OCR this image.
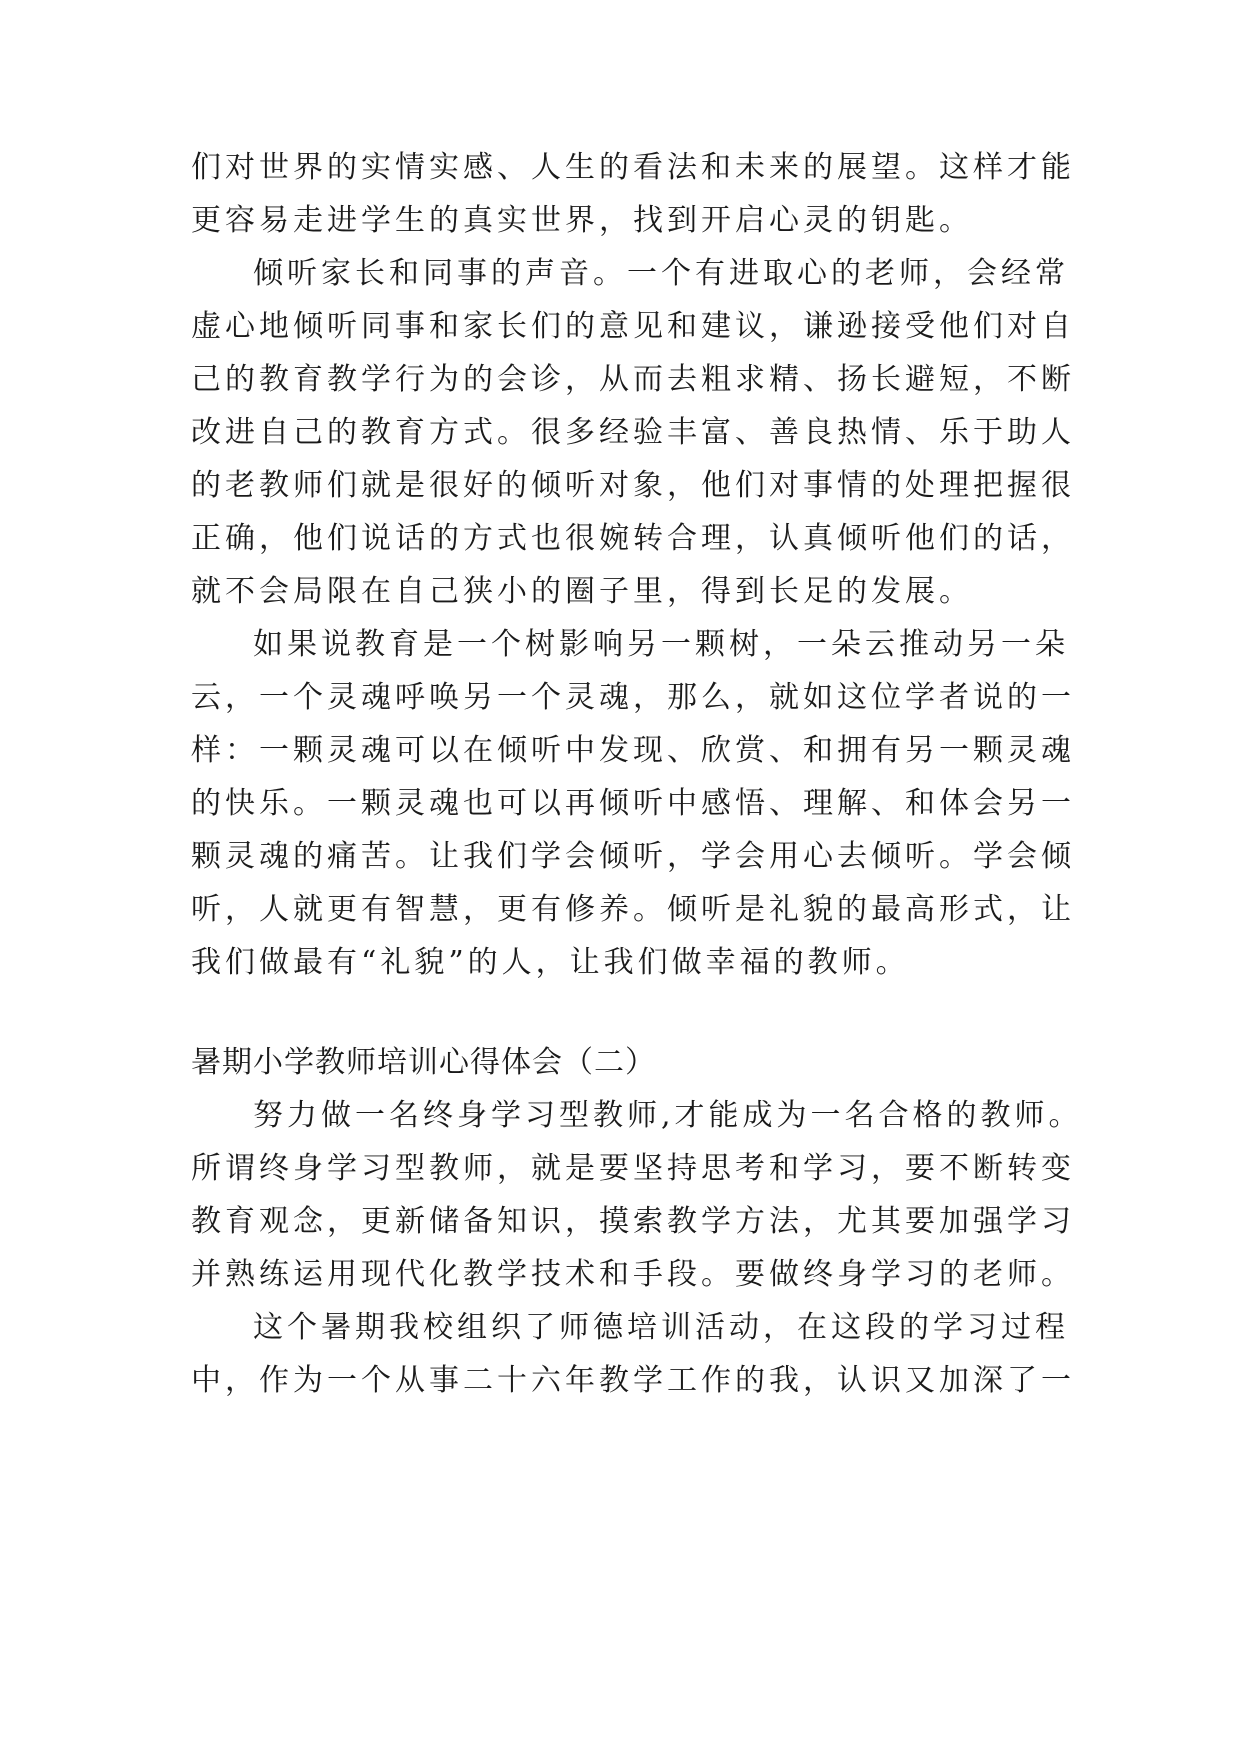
们对世界的实情实感、人生的看法和未来的展望。这样才能
更容易走进学生的真实世界，找到开启心灵的钥匙。
倾听家长和同事的声音。一个有进取心的老师，会经常
虚心地倾听同事和家长们的意见和建议，谦逊接受他们对自
己的教育教学行为的会诊，从而去粗求精、扬长避短，不断
改进自己的教育方式。很多经验丰富、善良热情、乐于助人
的老教师们就是很好的倾听对象，他们对事情的处理把握很
正确，他们说话的方式也很婉转合理，认真倾听他们的话，
就不会局限在自己狭小的圈子里，得到长足的发展。
如果说教育是一个树影响另一颗树，一朵云推动另一朵
云，一个灵魂呼唤另一个灵魂，那么，就如这位学者说的一
样：一颗灵魂可以在倾听中发现、欣赏、和拥有另一颗灵魂
的快乐。一颗灵魂也可以再倾听中感悟、理解、和体会另一
颗灵魂的痛苦。让我们学会倾听，学会用心去倾听。学会倾
听，人就更有智慧，更有修养。倾听是礼貌的最高形式，让
我们做最有“礼貌”的人，让我们做幸福的教师。
暑期小学教师培训心得体会（二）
努力做一名终身学习型教师,才能成为一名合格的教师。
所谓终身学习型教师，就是要坚持思考和学习，要不断转变
教育观念，更新储备知识，摸索教学方法，尤其要加强学习
并熟练运用现代化教学技术和手段。要做终身学习的老师。
这个暑期我校组织了师德培训活动，在这段的学习过程
中，作为一个从事二十六年教学工作的我，认识又加深了一
